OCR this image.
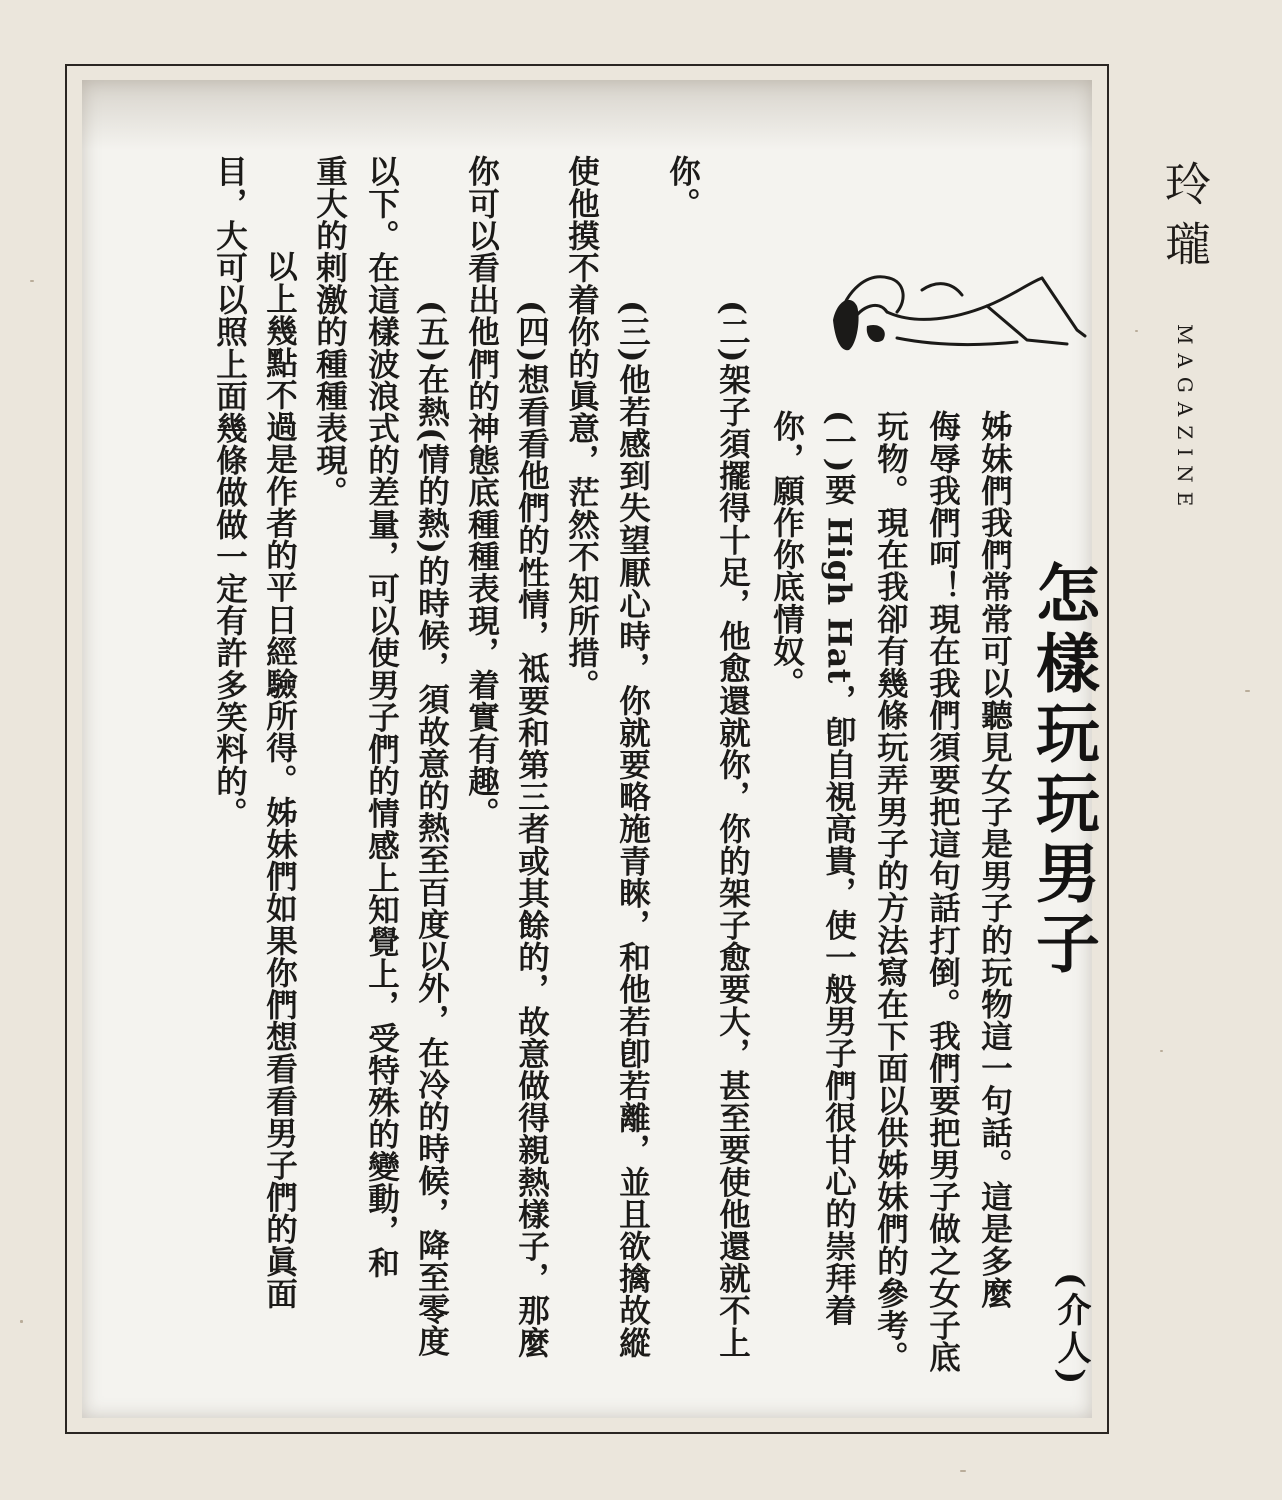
怎樣玩玩男子
(介人)
姊妹們我們常常可以聽見女子是男子的玩物這一句話。這是多麼
侮辱我們呵！現在我們須要把這句話打倒。我們要把男子做之女子底
玩物。現在我卻有幾條玩弄男子的方法寫在下面以供姊妹們的參考。
(一)要 High Hat，卽自視高貴，使一般男子們很甘心的崇拜着
你，願作你底情奴。
(二)架子須擺得十足，他愈還就你，你的架子愈要大，甚至要使他還就不上
你。
(三)他若感到失望厭心時，你就要略施青睞，和他若卽若離，並且欲擒故縱
使他摸不着你的眞意，茫然不知所措。
(四)想看看他們的性情，祗要和第三者或其餘的，故意做得親熱樣子，那麼
你可以看出他們的神態底種種表現，着實有趣。
(五)在熱(情的熱)的時候，須故意的熱至百度以外，在冷的時候，降至零度
以下。在這樣波浪式的差量，可以使男子們的情感上知覺上，受特殊的變動，和
重大的剌激的種種表現。
以上幾點不過是作者的平日經驗所得。姊妹們如果你們想看看男子們的眞面
目，大可以照上面幾條做做一定有許多笑料的。	玲瓏
MAGAZINE
